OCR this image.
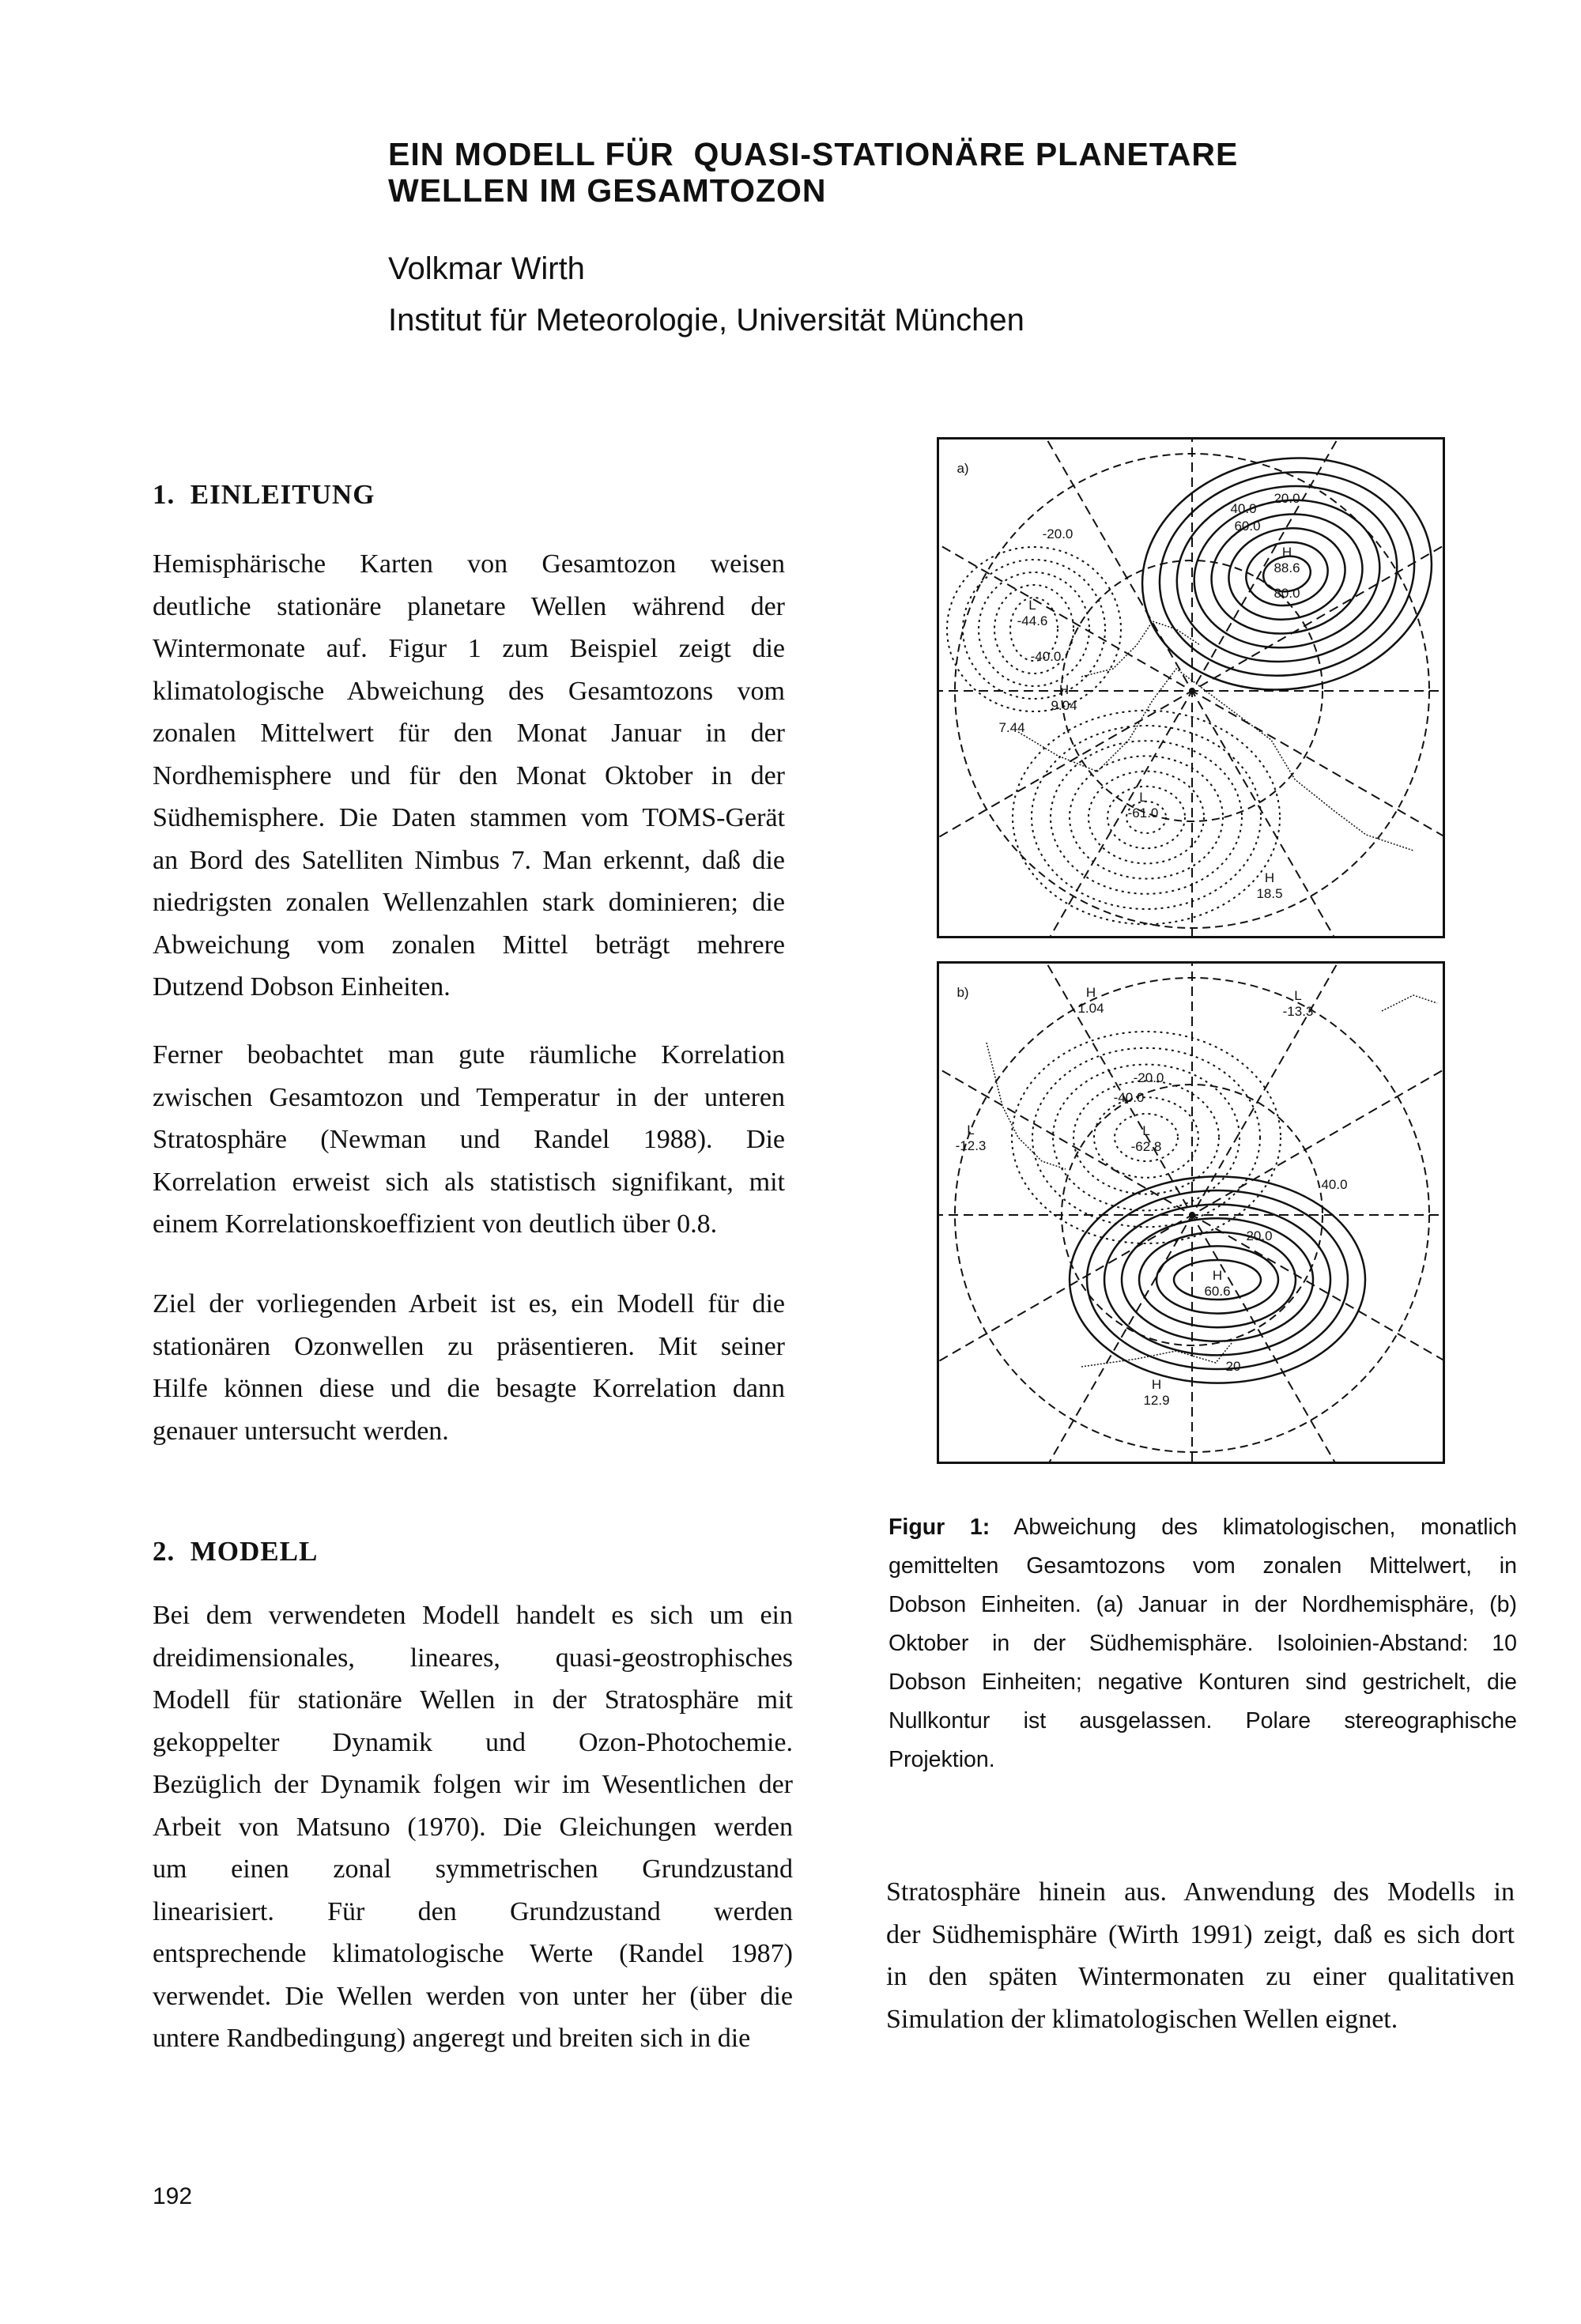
EIN MODELL FÜR  QUASI-STATIONÄRE PLANETARE
WELLEN IM GESAMTOZON
Volkmar Wirth
Institut für Meteorologie, Universität München
1.  EINLEITUNG
Hemisphärische Karten von Gesamtozon weisen
deutliche stationäre planetare Wellen während der
Wintermonate auf. Figur 1 zum Beispiel zeigt die
klimatologische Abweichung des Gesamtozons vom
zonalen Mittelwert für den Monat Januar in der
Nordhemisphere und für den Monat Oktober in der
Südhemisphere. Die Daten stammen vom TOMS-Gerät
an Bord des Satelliten Nimbus 7. Man erkennt, daß die
niedrigsten zonalen Wellenzahlen stark dominieren; die
Abweichung vom zonalen Mittel beträgt mehrere
Dutzend Dobson Einheiten.
Ferner beobachtet man gute räumliche Korrelation
zwischen Gesamtozon und Temperatur in der unteren
Stratosphäre (Newman und Randel 1988). Die
Korrelation erweist sich als statistisch signifikant, mit
einem Korrelationskoeffizient von deutlich über 0.8.
Ziel der vorliegenden Arbeit ist es, ein Modell für die
stationären Ozonwellen zu präsentieren. Mit seiner
Hilfe können diese und die besagte Korrelation dann
genauer untersucht werden.
2.  MODELL
Bei dem verwendeten Modell handelt es sich um ein
dreidimensionales, lineares, quasi-geostrophisches
Modell für stationäre Wellen in der Stratosphäre mit
gekoppelter Dynamik und Ozon-Photochemie.
Bezüglich der Dynamik folgen wir im Wesentlichen der
Arbeit von Matsuno (1970). Die Gleichungen werden
um einen zonal symmetrischen Grundzustand
linearisiert. Für den Grundzustand werden
entsprechende klimatologische Werte (Randel 1987)
verwendet. Die Wellen werden von unter her (über die
untere Randbedingung) angeregt und breiten sich in die
Stratosphäre hinein aus. Anwendung des Modells in
der Südhemisphäre (Wirth 1991) zeigt, daß es sich dort
in den späten Wintermonaten zu einer qualitativen
Simulation der klimatologischen Wellen eignet.
H
88.6
L
-44.6
L
-61.0
H
9.04
7.44
H
18.5
20.0
40.0
60.0
80.0
-20.0
-40.0
a)
H
1.04
L
-13.3
L
-12.3
L
-62.8
H
60.6
H
12.9
20
-20.0
-40.0
20.0
40.0
b)
Figur 1: Abweichung des klimatologischen, monatlich
gemittelten Gesamtozons vom zonalen Mittelwert, in
Dobson Einheiten. (a) Januar in der Nordhemisphäre, (b)
Oktober in der Südhemisphäre. Isoloinien-Abstand: 10
Dobson Einheiten; negative Konturen sind gestrichelt, die
Nullkontur ist ausgelassen. Polare stereographische
Projektion.
192
